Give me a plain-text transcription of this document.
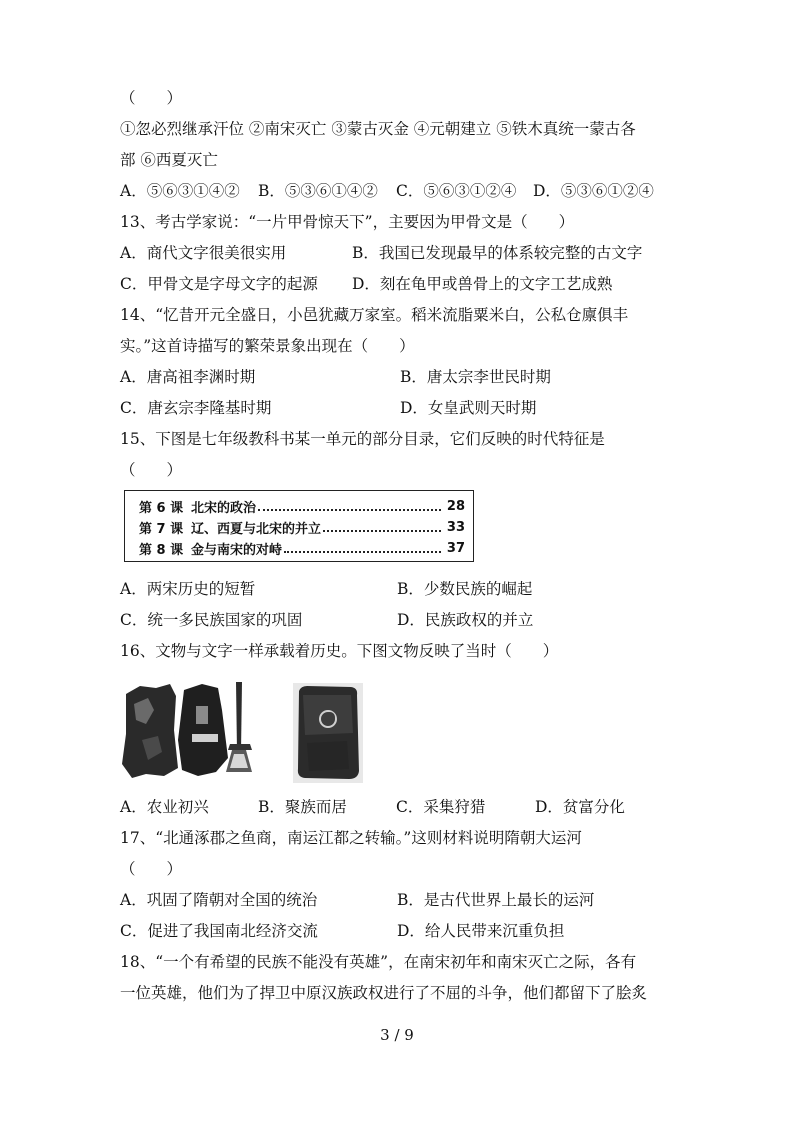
（　　）
①忽必烈继承汗位 ②南宋灭亡 ③蒙古灭金 ④元朝建立 ⑤铁木真统一蒙古各
部 ⑥西夏灭亡
A．⑤⑥③①④② B．⑤③⑥①④② C．⑤⑥③①②④ D．⑤③⑥①②④
13、考古学家说：“一片甲骨惊天下”，主要因为甲骨文是（　　）
A．商代文字很美很实用	B．我国已发现最早的体系较完整的古文字
C．甲骨文是字母文字的起源 D．刻在龟甲或兽骨上的文字工艺成熟
14、“忆昔开元全盛日，小邑犹藏万家室。稻米流脂粟米白，公私仓廪俱丰
实。”这首诗描写的繁荣景象出现在（　　）
A．唐高祖李渊时期	B．唐太宗李世民时期
C．唐玄宗李隆基时期	D．女皇武则天时期
15、下图是七年级教科书某一单元的部分目录，它们反映的时代特征是
（　　）
第 6 课 北宋的政治	28
第 7 课 辽、西夏与北宋的并立	33
第 8 课 金与南宋的对峙	37
A．两宋历史的短暂	B．少数民族的崛起
C．统一多民族国家的巩固	D．民族政权的并立
16、文物与文字一样承载着历史。下图文物反映了当时（　　）
A．农业初兴	B．聚族而居	C．采集狩猎	D．贫富分化
17、“北通涿郡之鱼商，南运江都之转输。”这则材料说明隋朝大运河
（　　）
A．巩固了隋朝对全国的统治	B．是古代世界上最长的运河
C．促进了我国南北经济交流	D．给人民带来沉重负担
18、“一个有希望的民族不能没有英雄”，在南宋初年和南宋灭亡之际，各有
一位英雄，他们为了捍卫中原汉族政权进行了不屈的斗争，他们都留下了脍炙
3 / 9
